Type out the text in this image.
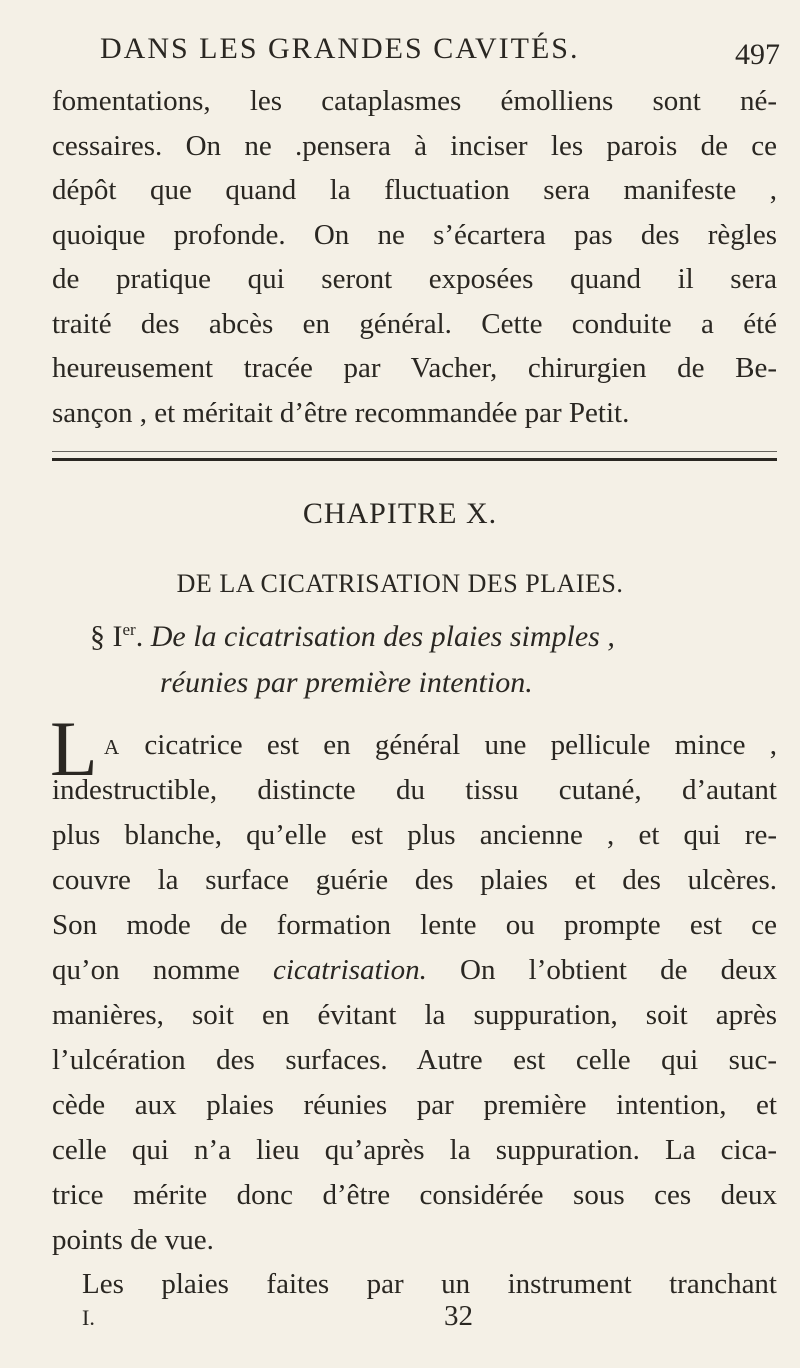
DANS LES GRANDES CAVITÉS.	497
fomentations, les cataplasmes émolliens sont né-
cessaires. On ne .pensera à inciser les parois de ce
dépôt que quand la fluctuation sera manifeste ,
quoique profonde. On ne s’écartera pas des règles
de pratique qui seront exposées quand il sera
traité des abcès en général. Cette conduite a été
heureusement tracée par Vacher, chirurgien de Be-
sançon , et méritait d’être recommandée par Petit.
CHAPITRE X.
DE LA CICATRISATION DES PLAIES.
§ Ier. De la cicatrisation des plaies simples ,
réunies par première intention.
L A cicatrice est en général une pellicule mince ,
indestructible, distincte du tissu cutané, d’autant
plus blanche, qu’elle est plus ancienne , et qui re-
couvre la surface guérie des plaies et des ulcères.
Son mode de formation lente ou prompte est ce
qu’on nomme cicatrisation. On l’obtient de deux
manières, soit en évitant la suppuration, soit après
l’ulcération des surfaces. Autre est celle qui suc-
cède aux plaies réunies par première intention, et
celle qui n’a lieu qu’après la suppuration. La cica-
trice mérite donc d’être considérée sous ces deux
points de vue.
Les plaies faites par un instrument tranchant
I.	32
